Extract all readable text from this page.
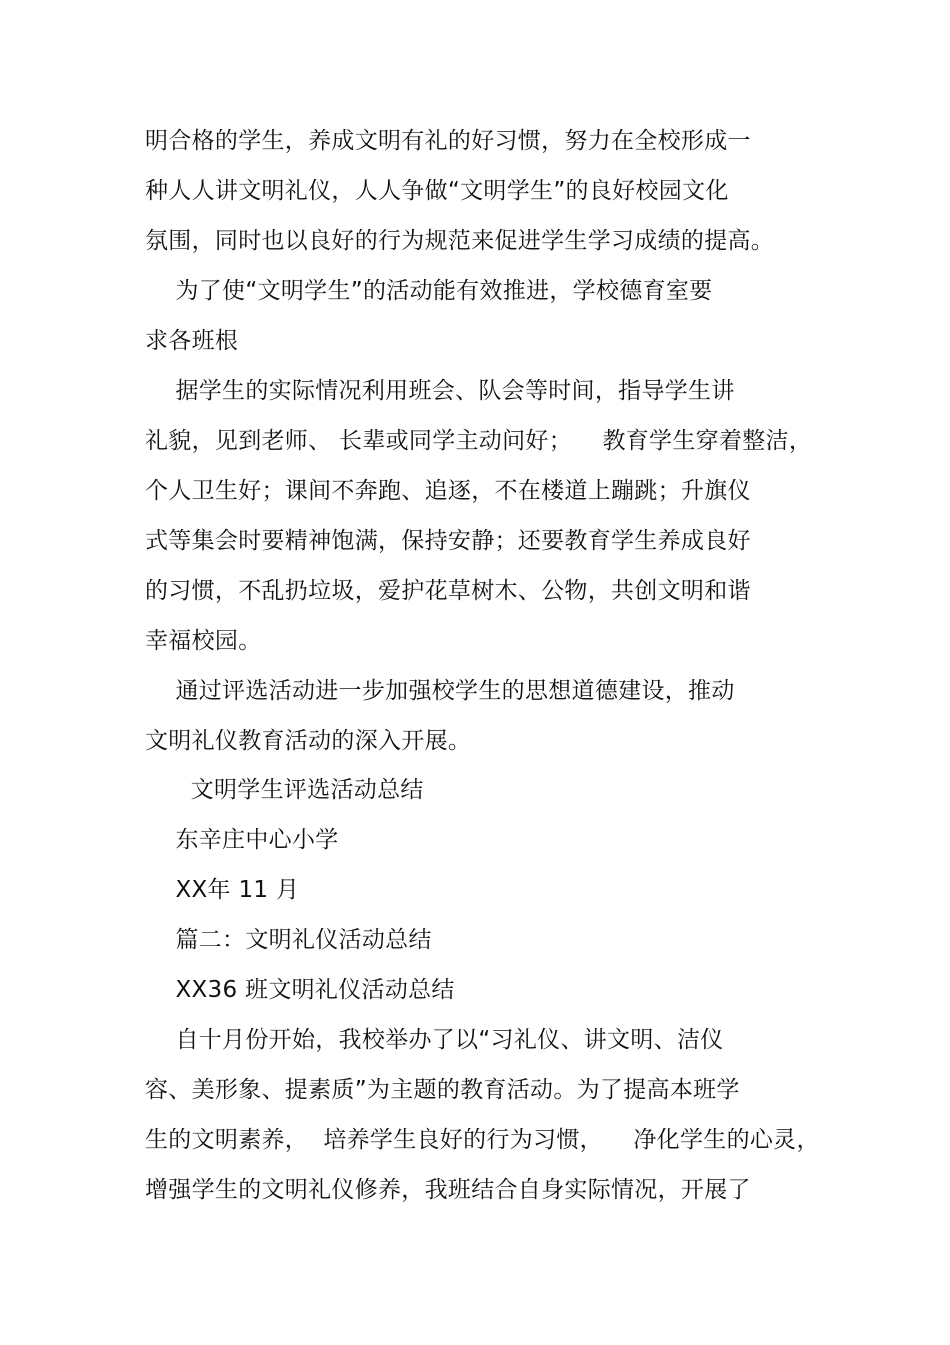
明合格的学生，养成文明有礼的好习惯，努力在全校形成一
种人人讲文明礼仪，人人争做“文明学生”的良好校园文化
氛围，同时也以良好的行为规范来促进学生学习成绩的提高。
为了使“文明学生”的活动能有效推进，学校德育室要
求各班根
据学生的实际情况利用班会、队会等时间，指导学生讲
礼貌，见到老师、 长辈或同学主动问好；    教育学生穿着整洁，
个人卫生好；课间不奔跑、追逐，不在楼道上蹦跳；升旗仪
式等集会时要精神饱满，保持安静；还要教育学生养成良好
的习惯，不乱扔垃圾，爱护花草树木、公物，共创文明和谐
幸福校园。
通过评选活动进一步加强校学生的思想道德建设，推动
文明礼仪教育活动的深入开展。
文明学生评选活动总结
东辛庄中心小学
XX年 11 月
篇二：文明礼仪活动总结
XX36 班文明礼仪活动总结
自十月份开始，我校举办了以“习礼仪、讲文明、洁仪
容、美形象、提素质”为主题的教育活动。为了提高本班学
生的文明素养，  培养学生良好的行为习惯，    净化学生的心灵，
增强学生的文明礼仪修养，我班结合自身实际情况，开展了
